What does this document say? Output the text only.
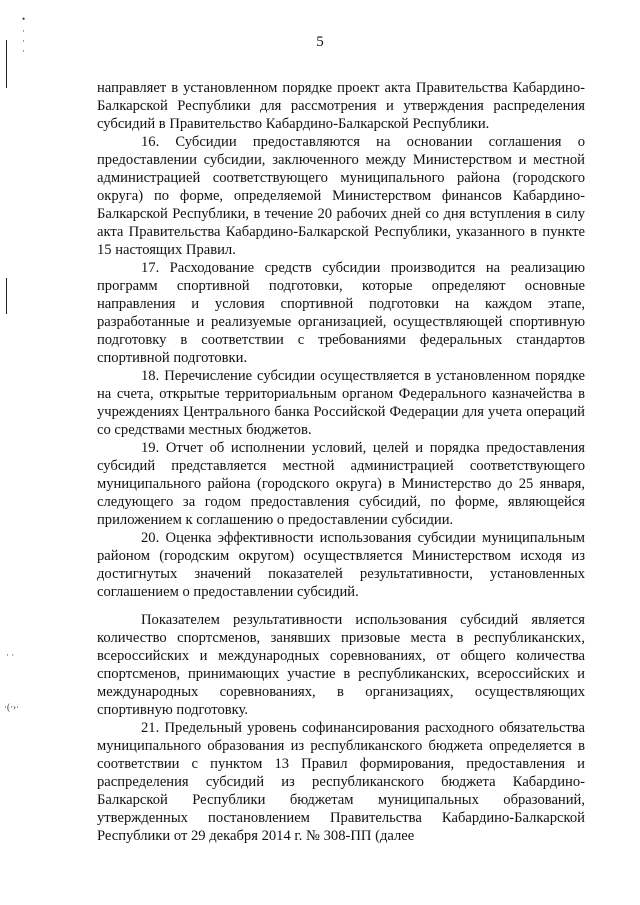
•
·
·
·
· ·
·(·›·
5

направляет в установленном порядке проект акта Правительства Кабардино-Балкарской Республики для рассмотрения и утверждения распределения субсидий в Правительство Кабардино-Балкарской Республики.

16. Субсидии предоставляются на основании соглашения о предоставлении субсидии, заключенного между Министерством и местной администрацией соответствующего муниципального района (городского округа) по форме, определяемой Министерством финансов Кабардино-Балкарской Республики, в течение 20 рабочих дней со дня вступления в силу акта Правительства Кабардино-Балкарской Республики, указанного в пункте 15 настоящих Правил.

17. Расходование средств субсидии производится на реализацию программ спортивной подготовки, которые определяют основные направления и условия спортивной подготовки на каждом этапе, разработанные и реализуемые организацией, осуществляющей спортивную подготовку в соответствии с требованиями федеральных стандартов спортивной подготовки.

18. Перечисление субсидии осуществляется в установленном порядке на счета, открытые территориальным органом Федерального казначейства в учреждениях Центрального банка Российской Федерации для учета операций со средствами местных бюджетов.

19. Отчет об исполнении условий, целей и порядка предоставления субсидий представляется местной администрацией соответствующего муниципального района (городского округа) в Министерство до 25 января, следующего за годом предоставления субсидий, по форме, являющейся приложением к соглашению о предоставлении субсидии.

20. Оценка эффективности использования субсидии муниципальным районом (городским округом) осуществляется Министерством исходя из достигнутых значений показателей результативности, установленных соглашением о предоставлении субсидий.

Показателем результативности использования субсидий является количество спортсменов, занявших призовые места в республиканских, всероссийских и международных соревнованиях, от общего количества спортсменов, принимающих участие в республиканских, всероссийских и международных соревнованиях, в организациях, осуществляющих спортивную подготовку.

21. Предельный уровень софинансирования расходного обязательства муниципального образования из республиканского бюджета определяется в соответствии с пунктом 13 Правил формирования, предоставления и распределения субсидий из республиканского бюджета Кабардино-Балкарской Республики бюджетам муниципальных образований, утвержденных постановлением Правительства Кабардино-Балкарской Республики от 29 декабря 2014 г. № 308-ПП (далее
